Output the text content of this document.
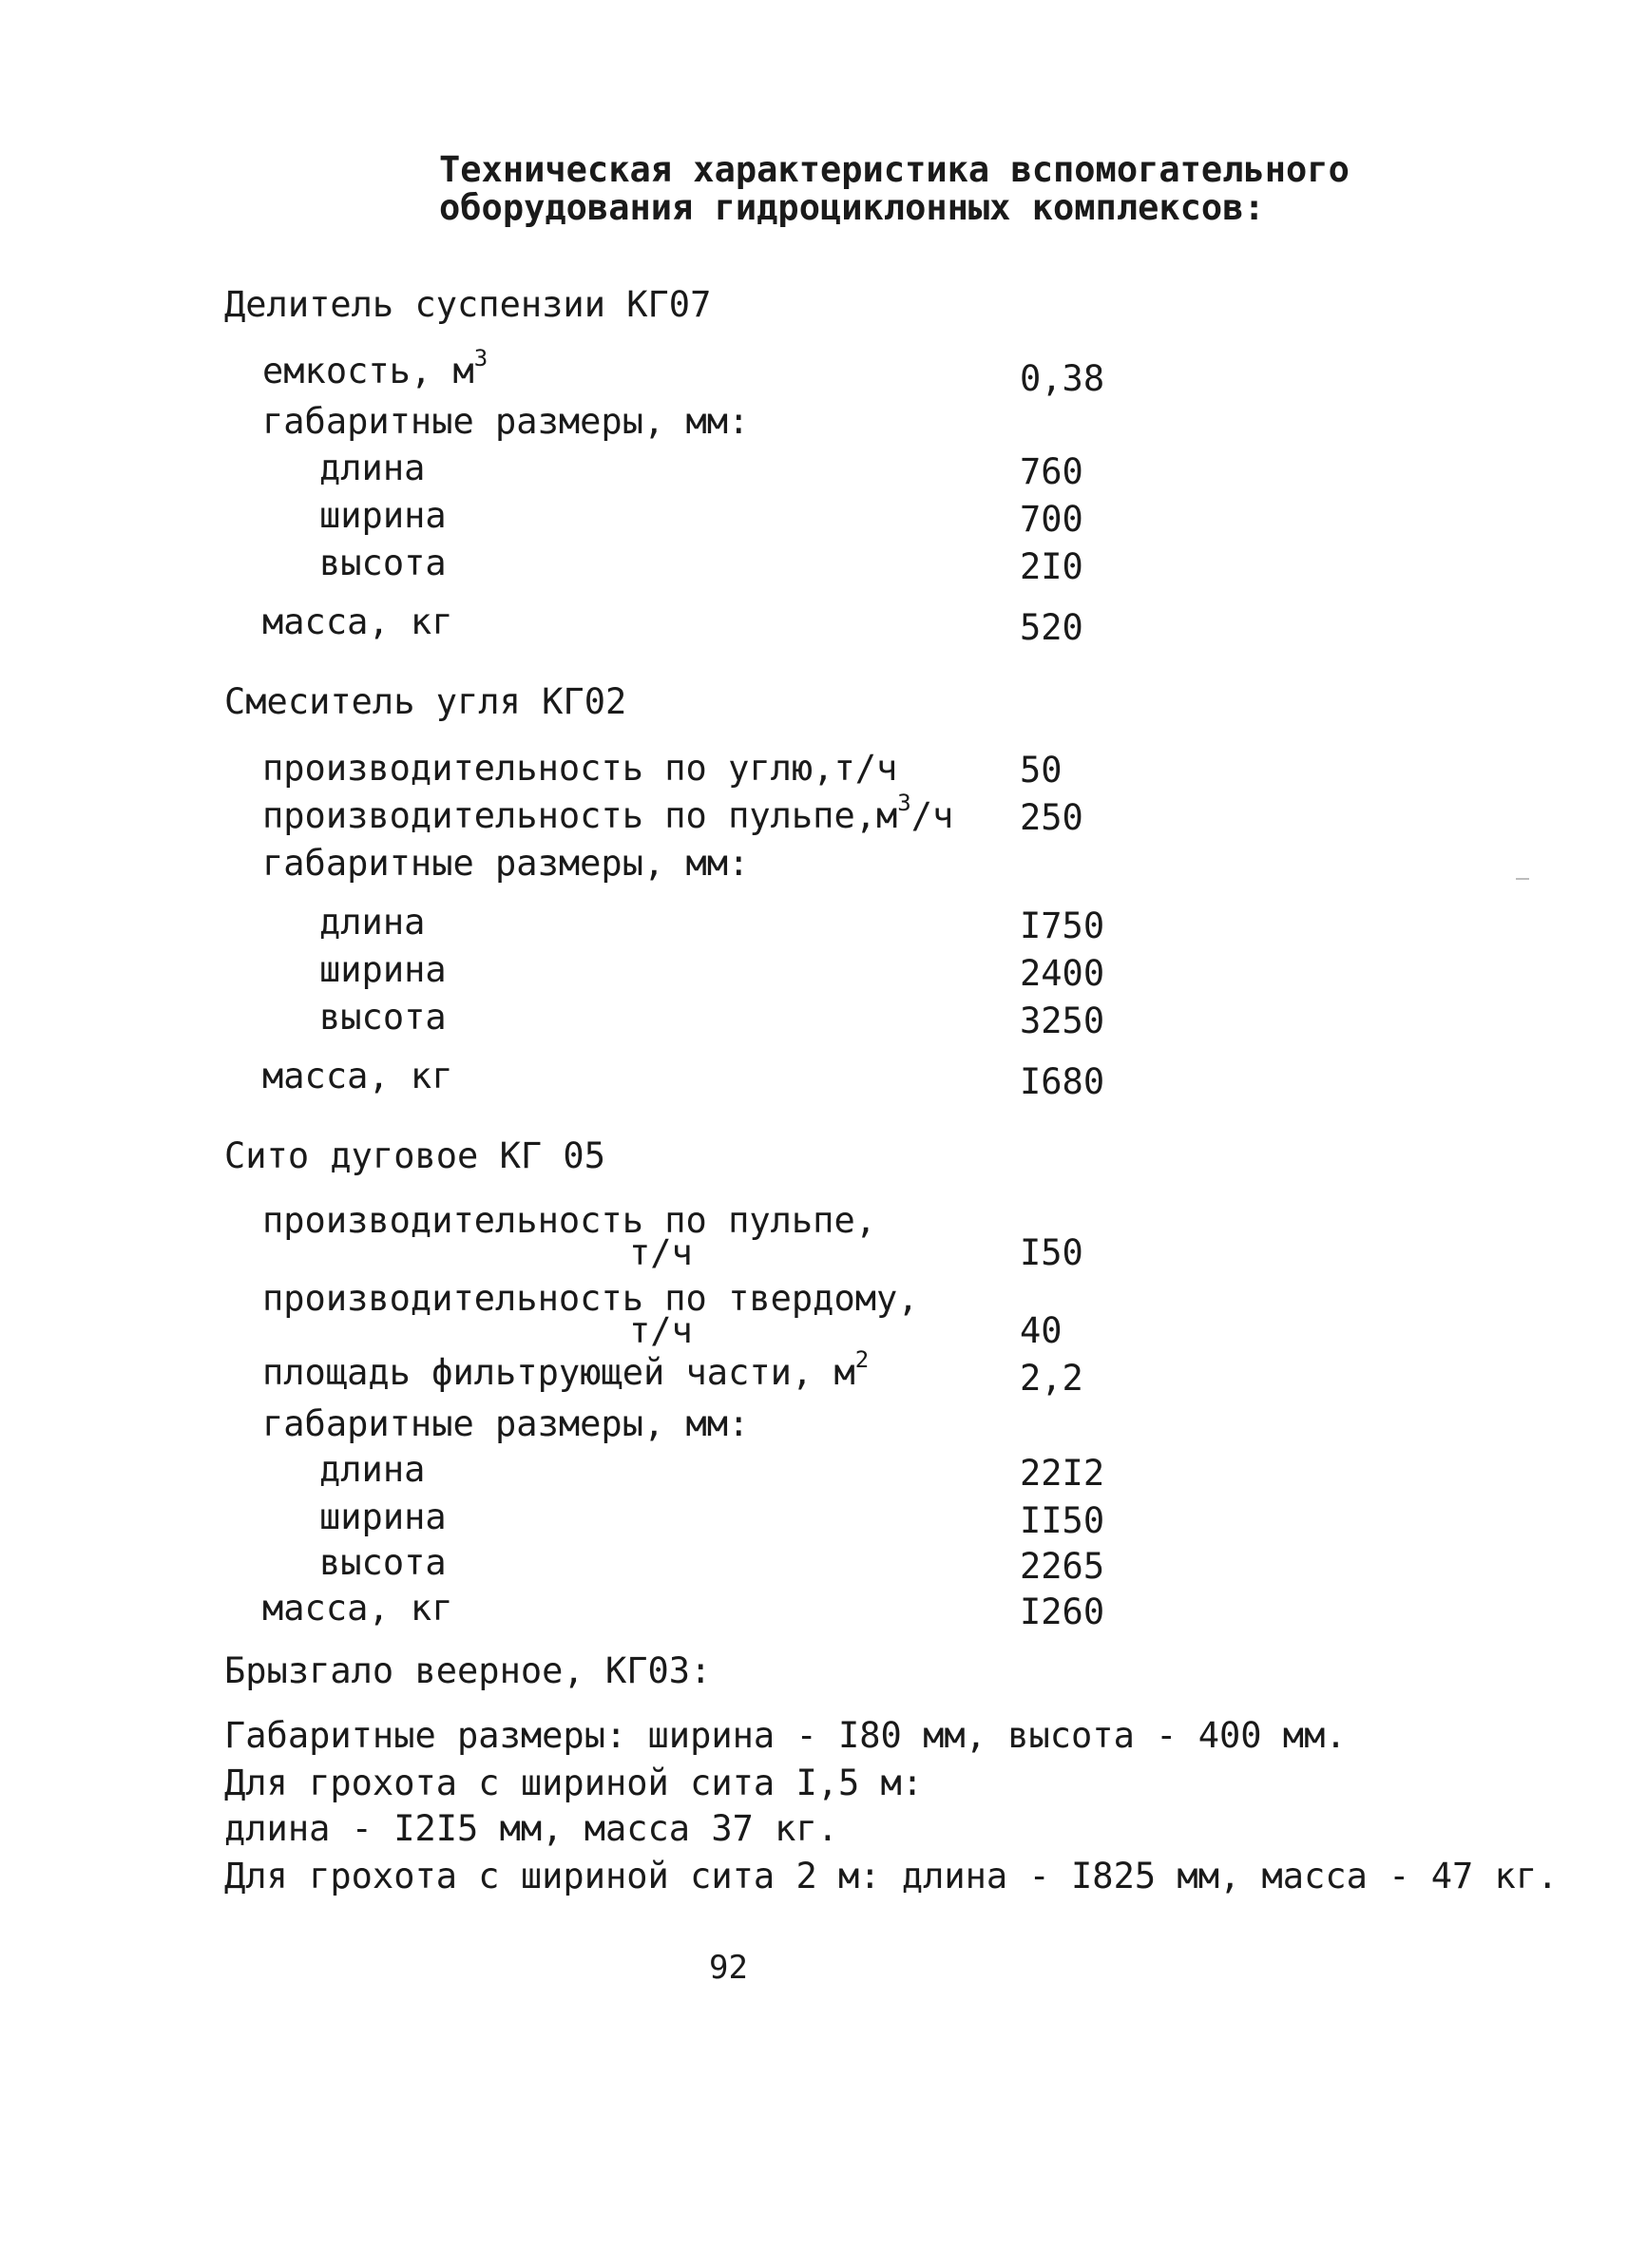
Техническая характеристика вспомогательного
оборудования гидроциклонных комплексов:
Делитель суспензии КГ07
емкость, $м^3$	0,38
габаритные размеры, мм:
длина	760
ширина	700
высота	2I0
масса, кг	520
Смеситель угля КГ02
производительность по углю,т/ч	50
производительность по $пульпе,м^3/ч$ 250
габаритные размеры, мм:
длина	I750
ширина	2400
высота	3250
масса, кг	I680
Сито дуговое КГ 05
производительность по пульпе,
т/ч	I50
производительность по твердому,
т/ч	40
площадь фильтрующей части, $м^2$	2,2
габаритные размеры, мм:
длина	22I2
ширина	II50
высота	2265
масса, кг	I260
Брызгало веерное, КГ03:
Габаритные размеры: ширина - I80 мм, высота - 400 мм.
Для грохота с шириной сита I,5 м:
длина - I2I5 мм, масса 37 кг.
Для грохота с шириной сита 2 м: длина - I825 мм, масса - 47 кг.
92
